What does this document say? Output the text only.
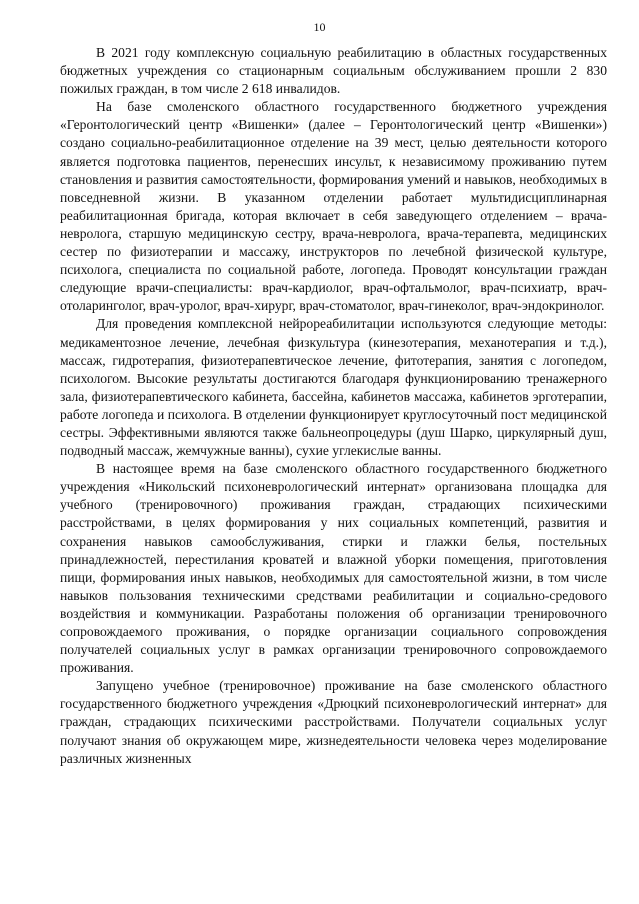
10

В 2021 году комплексную социальную реабилитацию в областных государственных бюджетных учреждения со стационарным социальным обслуживанием прошли 2 830 пожилых граждан, в том числе 2 618 инвалидов.

На базе смоленского областного государственного бюджетного учреждения «Геронтологический центр «Вишенки» (далее – Геронтологический центр «Вишенки») создано социально-реабилитационное отделение на 39 мест, целью деятельности которого является подготовка пациентов, перенесших инсульт, к независимому проживанию путем становления и развития самостоятельности, формирования умений и навыков, необходимых в повседневной жизни. В указанном отделении работает мультидисциплинарная реабилитационная бригада, которая включает в себя заведующего отделением – врача-невролога, старшую медицинскую сестру, врача-невролога, врача-терапевта, медицинских сестер по физиотерапии и массажу, инструкторов по лечебной физической культуре, психолога, специалиста по социальной работе, логопеда. Проводят консультации граждан следующие врачи-специалисты: врач-кардиолог, врач-офтальмолог, врач-психиатр, врач-отоларинголог, врач-уролог, врач-хирург, врач-стоматолог, врач-гинеколог, врач-эндокринолог.

Для проведения комплексной нейрореабилитации используются следующие методы: медикаментозное лечение, лечебная физкультура (кинезотерапия, механотерапия и т.д.), массаж, гидротерапия, физиотерапевтическое лечение, фитотерапия, занятия с логопедом, психологом. Высокие результаты достигаются благодаря функционированию тренажерного зала, физиотерапевтического кабинета, бассейна, кабинетов массажа, кабинетов эрготерапии, работе логопеда и психолога. В отделении функционирует круглосуточный пост медицинской сестры. Эффективными являются также бальнеопроцедуры (душ Шарко, циркулярный душ, подводный массаж, жемчужные ванны), сухие углекислые ванны.

В настоящее время на базе смоленского областного государственного бюджетного учреждения «Никольский психоневрологический интернат» организована площадка для учебного (тренировочного) проживания граждан, страдающих психическими расстройствами, в целях формирования у них социальных компетенций, развития и сохранения навыков самообслуживания, стирки и глажки белья, постельных принадлежностей, перестилания кроватей и влажной уборки помещения, приготовления пищи, формирования иных навыков, необходимых для самостоятельной жизни, в том числе навыков пользования техническими средствами реабилитации и социально-средового воздействия и коммуникации. Разработаны положения об организации тренировочного сопровождаемого проживания, о порядке организации социального сопровождения получателей социальных услуг в рамках организации тренировочного сопровождаемого проживания.

Запущено учебное (тренировочное) проживание на базе смоленского областного государственного бюджетного учреждения «Дрюцкий психоневрологический интернат» для граждан, страдающих психическими расстройствами. Получатели социальных услуг получают знания об окружающем мире, жизнедеятельности человека через моделирование различных жизненных
